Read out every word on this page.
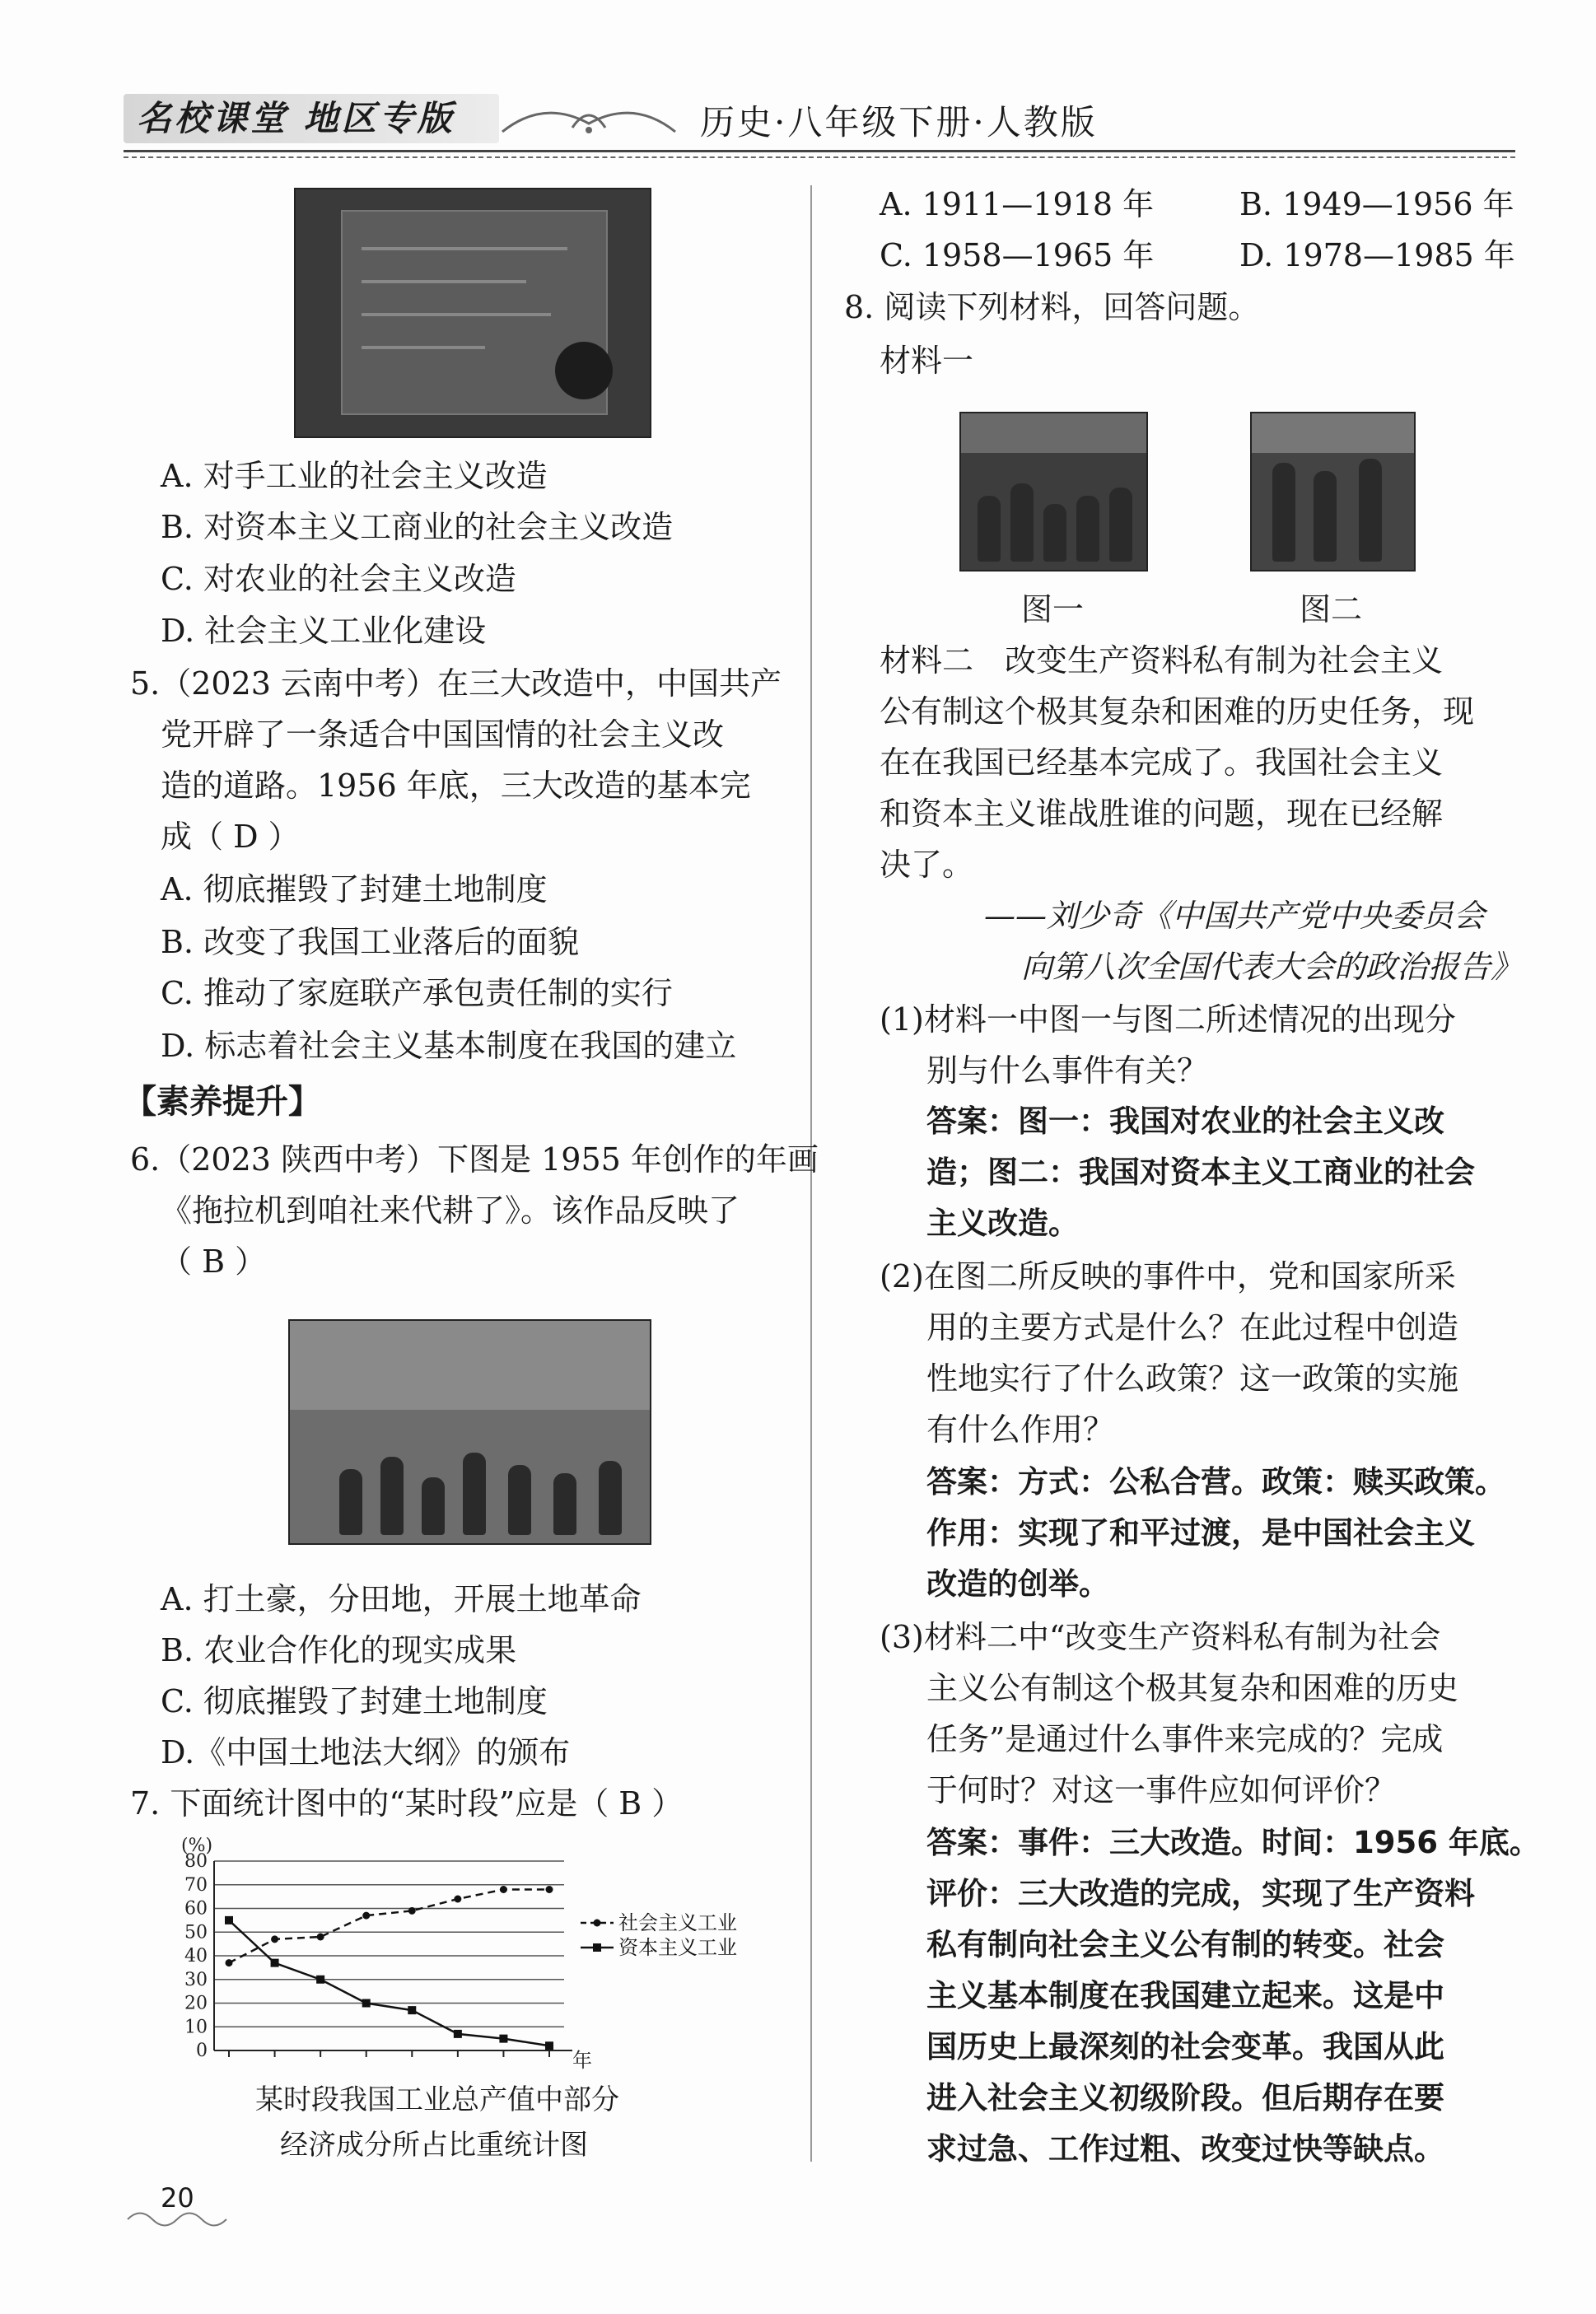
名校课堂 地区专版	历史·八年级下册·人教版
A. 对手工业的社会主义改造
B. 对资本主义工商业的社会主义改造
C. 对农业的社会主义改造
D. 社会主义工业化建设
5.（2023 云南中考）在三大改造中，中国共产
党开辟了一条适合中国国情的社会主义改
造的道路。1956 年底，三大改造的基本完
成（ D ）
A. 彻底摧毁了封建土地制度
B. 改变了我国工业落后的面貌
C. 推动了家庭联产承包责任制的实行
D. 标志着社会主义基本制度在我国的建立
【素养提升】
6.（2023 陕西中考）下图是 1955 年创作的年画
《拖拉机到咱社来代耕了》。该作品反映了
（ B ）
A. 打土豪，分田地，开展土地革命
B. 农业合作化的现实成果
C. 彻底摧毁了封建土地制度
D.《中国土地法大纲》的颁布
7. 下面统计图中的“某时段”应是（ B ）
0
10
20
30
40
50
60
70
80
(%)
年
社会主义工业
资本主义工业
某时段我国工业总产值中部分
经济成分所占比重统计图
20
A. 1911—1918 年	B. 1949—1956 年
C. 1958—1965 年	D. 1978—1985 年
8. 阅读下列材料，回答问题。
材料一
图一	图二
材料二　改变生产资料私有制为社会主义
公有制这个极其复杂和困难的历史任务，现
在在我国已经基本完成了。我国社会主义
和资本主义谁战胜谁的问题，现在已经解
决了。
——刘少奇《中国共产党中央委员会
向第八次全国代表大会的政治报告》
(1)材料一中图一与图二所述情况的出现分
别与什么事件有关？
答案：图一：我国对农业的社会主义改
造；图二：我国对资本主义工商业的社会
主义改造。
(2)在图二所反映的事件中，党和国家所采
用的主要方式是什么？在此过程中创造
性地实行了什么政策？这一政策的实施
有什么作用？
答案：方式：公私合营。政策：赎买政策。
作用：实现了和平过渡，是中国社会主义
改造的创举。
(3)材料二中“改变生产资料私有制为社会
主义公有制这个极其复杂和困难的历史
任务”是通过什么事件来完成的？完成
于何时？对这一事件应如何评价？
答案：事件：三大改造。时间：1956 年底。
评价：三大改造的完成，实现了生产资料
私有制向社会主义公有制的转变。社会
主义基本制度在我国建立起来。这是中
国历史上最深刻的社会变革。我国从此
进入社会主义初级阶段。但后期存在要
求过急、工作过粗、改变过快等缺点。
